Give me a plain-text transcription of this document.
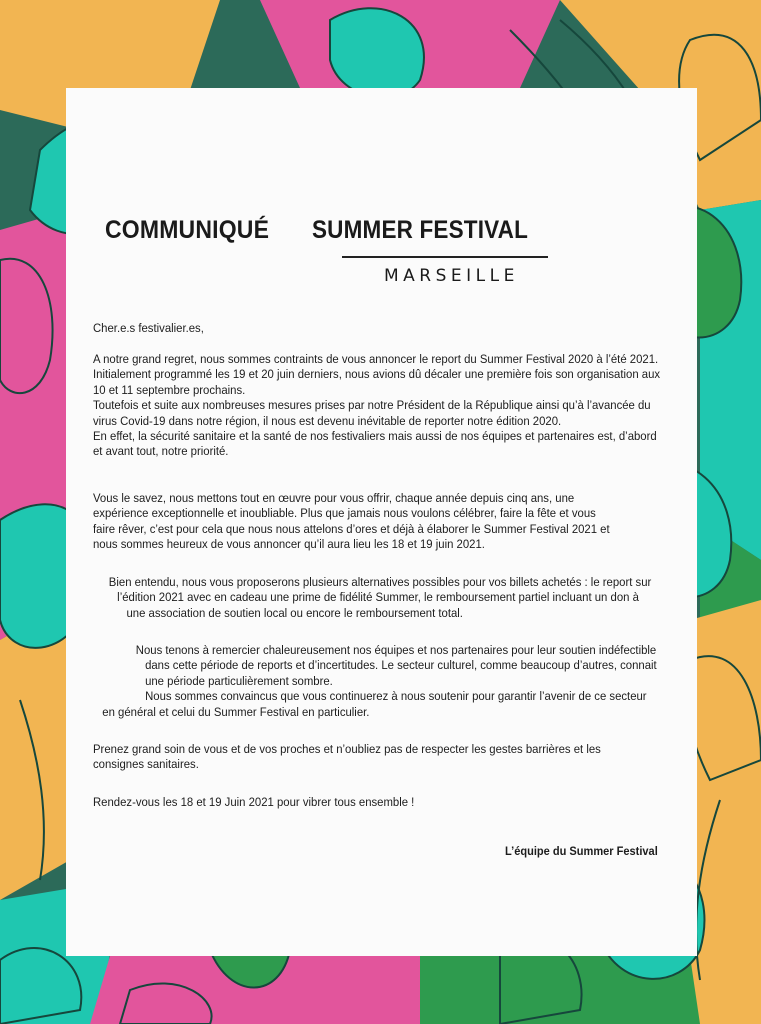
COMMUNIQUÉ SUMMER FESTIVAL
MARSEILLE
Cher.e.s festivalier.es,
A notre grand regret, nous sommes contraints de vous annoncer le report du Summer Festival 2020 à l’été 2021.
Initialement programmé les 19 et 20 juin derniers, nous avions dû décaler une première fois son organisation aux
10 et 11 septembre prochains.
Toutefois et suite aux nombreuses mesures prises par notre Président de la République ainsi qu’à l’avancée du
virus Covid-19 dans notre région, il nous est devenu inévitable de reporter notre édition 2020.
En effet, la sécurité sanitaire et la santé de nos festivaliers mais aussi de nos équipes et partenaires est, d’abord
et avant tout, notre priorité.
Vous le savez, nous mettons tout en œuvre pour vous offrir, chaque année depuis cinq ans, une
expérience exceptionnelle et inoubliable. Plus que jamais nous voulons célébrer, faire la fête et vous
faire rêver, c’est pour cela que nous nous attelons d’ores et déjà à élaborer le Summer Festival 2021 et
nous sommes heureux de vous annoncer qu’il aura lieu les 18 et 19 juin 2021.
Bien entendu, nous vous proposerons plusieurs alternatives possibles pour vos billets achetés : le report sur
l’édition 2021 avec en cadeau une prime de fidélité Summer, le remboursement partiel incluant un don à
une association de soutien local ou encore le remboursement total.
Nous tenons à remercier chaleureusement nos équipes et nos partenaires pour leur soutien indéfectible
dans cette période de reports et d’incertitudes. Le secteur culturel, comme beaucoup d’autres, connait
une période particulièrement sombre.
Nous sommes convaincus que vous continuerez à nous soutenir pour garantir l’avenir de ce secteur
en général et celui du Summer Festival en particulier.
Prenez grand soin de vous et de vos proches et n’oubliez pas de respecter les gestes barrières et les
consignes sanitaires.
Rendez-vous les 18 et 19 Juin 2021 pour vibrer tous ensemble !
L’équipe du Summer Festival
